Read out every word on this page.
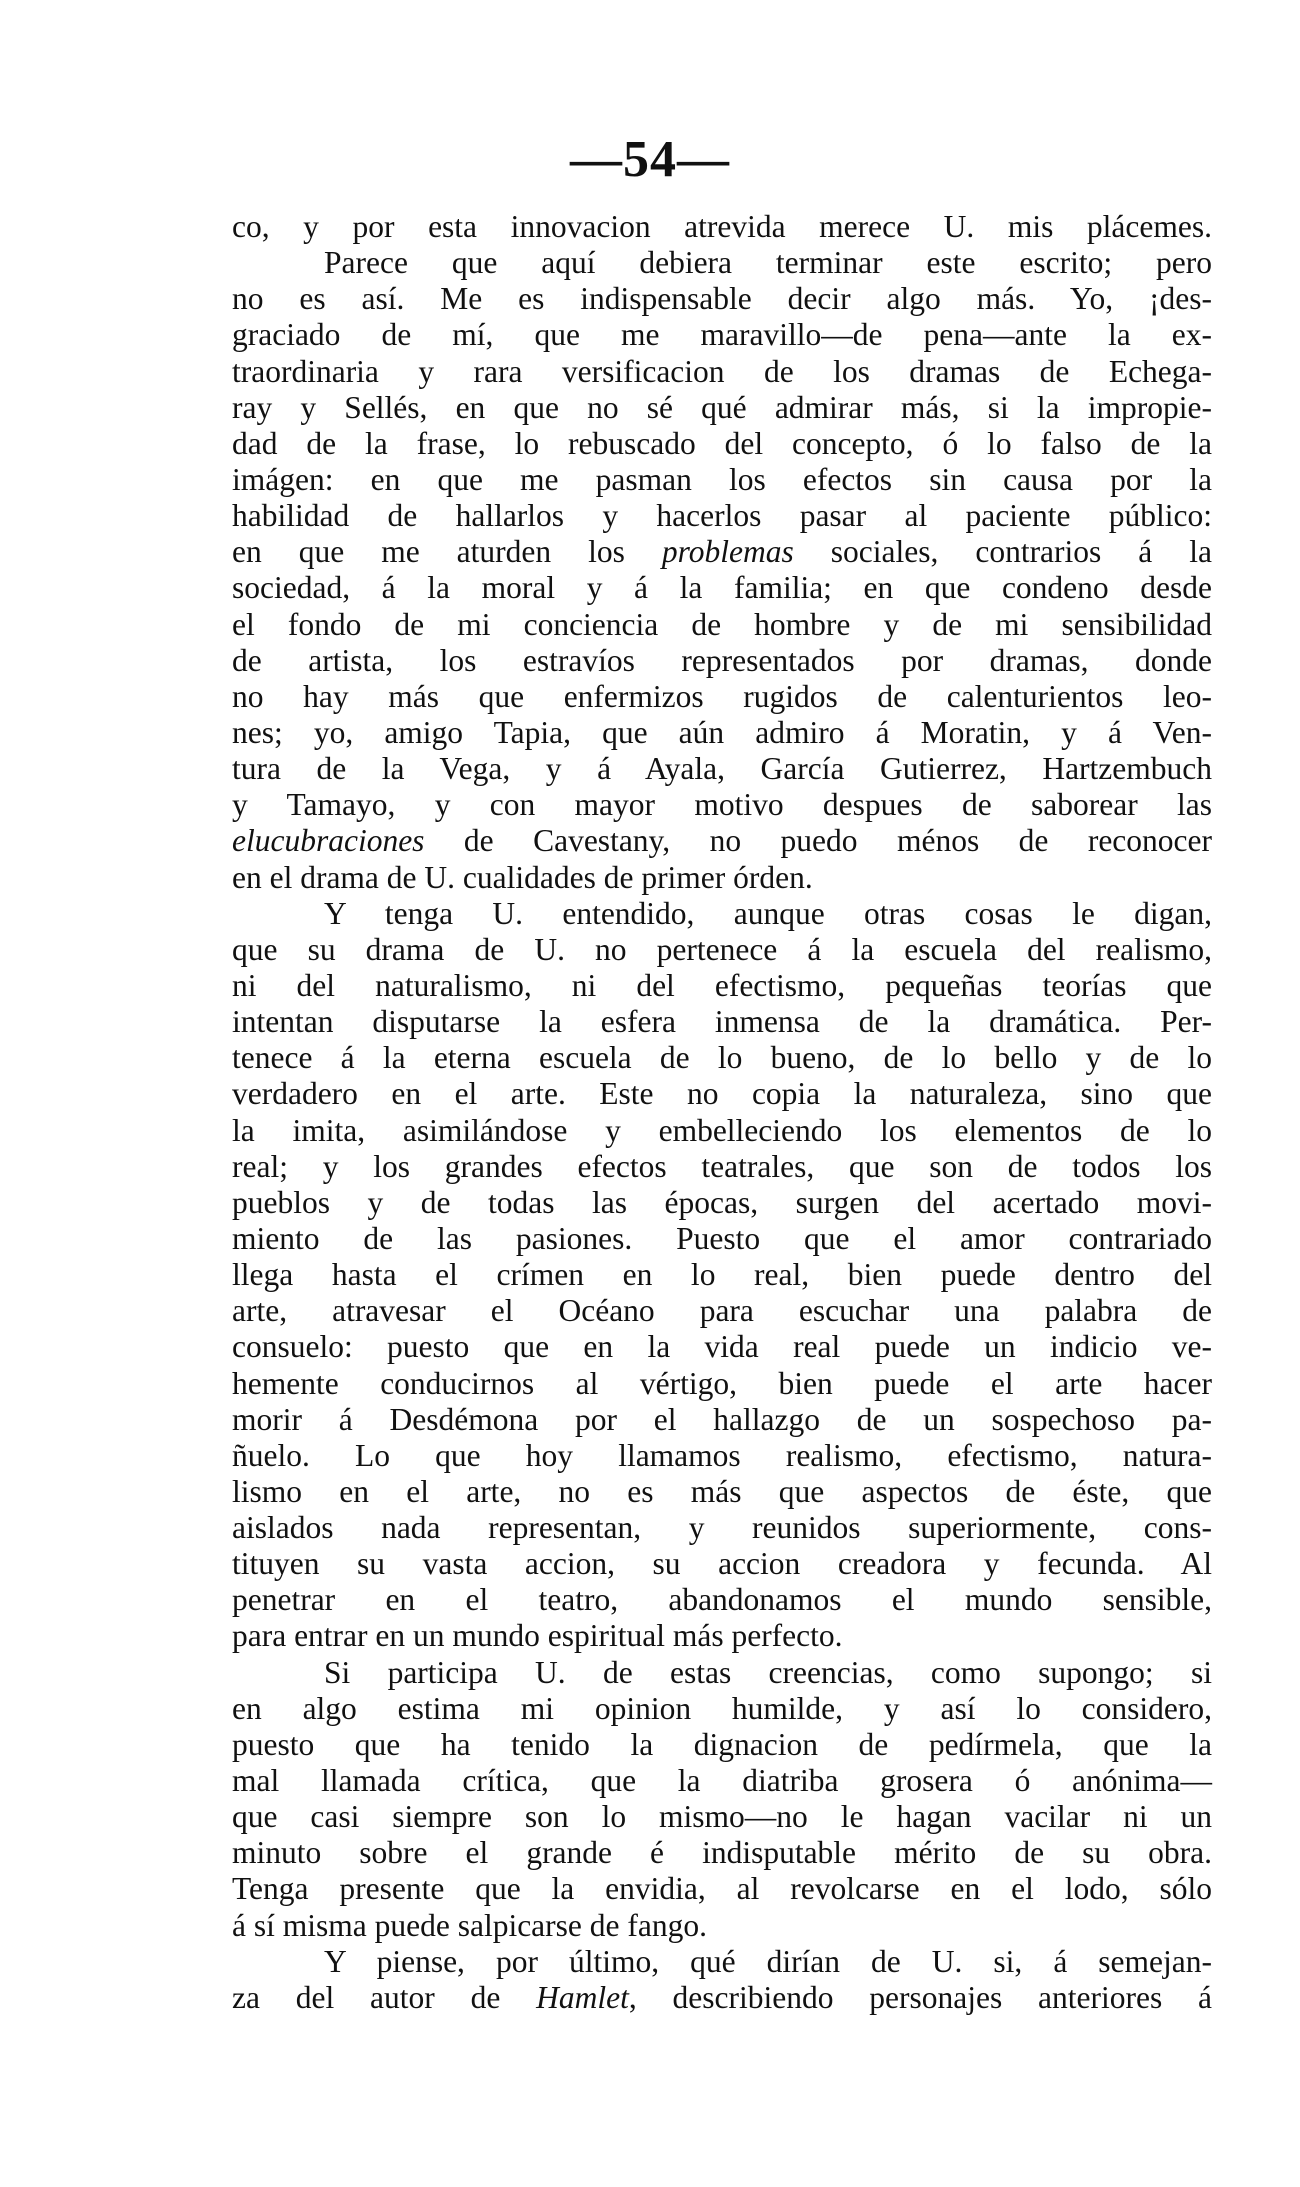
—54—
co, y por esta innovacion atrevida merece U. mis plácemes.
Parece que aquí debiera terminar este escrito; pero
no es así. Me es indispensable decir algo más. Yo, ¡des-
graciado de mí, que me maravillo—de pena—ante la ex-
traordinaria y rara versificacion de los dramas de Echega-
ray y Sellés, en que no sé qué admirar más, si la impropie-
dad de la frase, lo rebuscado del concepto, ó lo falso de la
imágen: en que me pasman los efectos sin causa por la
habilidad de hallarlos y hacerlos pasar al paciente público:
en que me aturden los problemas sociales, contrarios á la
sociedad, á la moral y á la familia; en que condeno desde
el fondo de mi conciencia de hombre y de mi sensibilidad
de artista, los estravíos representados por dramas, donde
no hay más que enfermizos rugidos de calenturientos leo-
nes; yo, amigo Tapia, que aún admiro á Moratin, y á Ven-
tura de la Vega, y á Ayala, García Gutierrez, Hartzembuch
y Tamayo, y con mayor motivo despues de saborear las
elucubraciones de Cavestany, no puedo ménos de reconocer
en el drama de U. cualidades de primer órden.
Y tenga U. entendido, aunque otras cosas le digan,
que su drama de U. no pertenece á la escuela del realismo,
ni del naturalismo, ni del efectismo, pequeñas teorías que
intentan disputarse la esfera inmensa de la dramática. Per-
tenece á la eterna escuela de lo bueno, de lo bello y de lo
verdadero en el arte. Este no copia la naturaleza, sino que
la imita, asimilándose y embelleciendo los elementos de lo
real; y los grandes efectos teatrales, que son de todos los
pueblos y de todas las épocas, surgen del acertado movi-
miento de las pasiones. Puesto que el amor contrariado
llega hasta el crímen en lo real, bien puede dentro del
arte, atravesar el Océano para escuchar una palabra de
consuelo: puesto que en la vida real puede un indicio ve-
hemente conducirnos al vértigo, bien puede el arte hacer
morir á Desdémona por el hallazgo de un sospechoso pa-
ñuelo. Lo que hoy llamamos realismo, efectismo, natura-
lismo en el arte, no es más que aspectos de éste, que
aislados nada representan, y reunidos superiormente, cons-
tituyen su vasta accion, su accion creadora y fecunda. Al
penetrar en el teatro, abandonamos el mundo sensible,
para entrar en un mundo espiritual más perfecto.
Si participa U. de estas creencias, como supongo; si
en algo estima mi opinion humilde, y así lo considero,
puesto que ha tenido la dignacion de pedírmela, que la
mal llamada crítica, que la diatriba grosera ó anónima—
que casi siempre son lo mismo—no le hagan vacilar ni un
minuto sobre el grande é indisputable mérito de su obra.
Tenga presente que la envidia, al revolcarse en el lodo, sólo
á sí misma puede salpicarse de fango.
Y piense, por último, qué dirían de U. si, á semejan-
za del autor de Hamlet, describiendo personajes anteriores á
